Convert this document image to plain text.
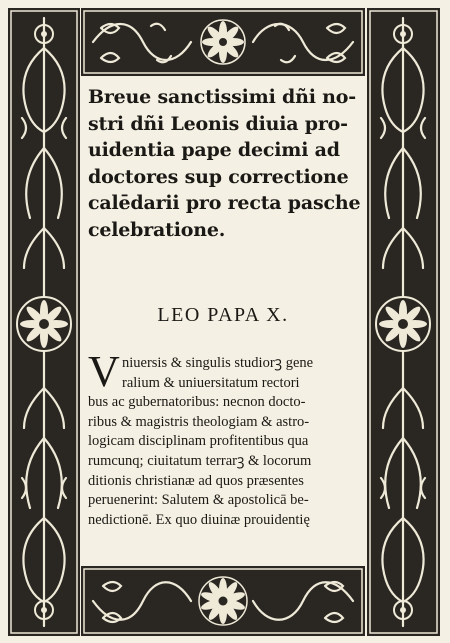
Breue sanctissimi dñi no-
stri dñi Leonis diuia pro-
uidentia pape decimi ad
doctores sup correctione
calēdarii pro recta pasche
celebratione.
LEO PAPA X.
V niuersis & singulis studiorꝫ gene
ralium & uniuersitatum rectori
bus ac gubernatoribus: necnon docto-
ribus & magistris theologiam & astro-
logicam disciplinam profitentibus qua
rumcunq; ciuitatum terrarꝫ & locorum
ditionis christianæ ad quos præsentes
peruenerint: Salutem & apostolicā be-
nedictionē. Ex quo diuinæ prouidentię
